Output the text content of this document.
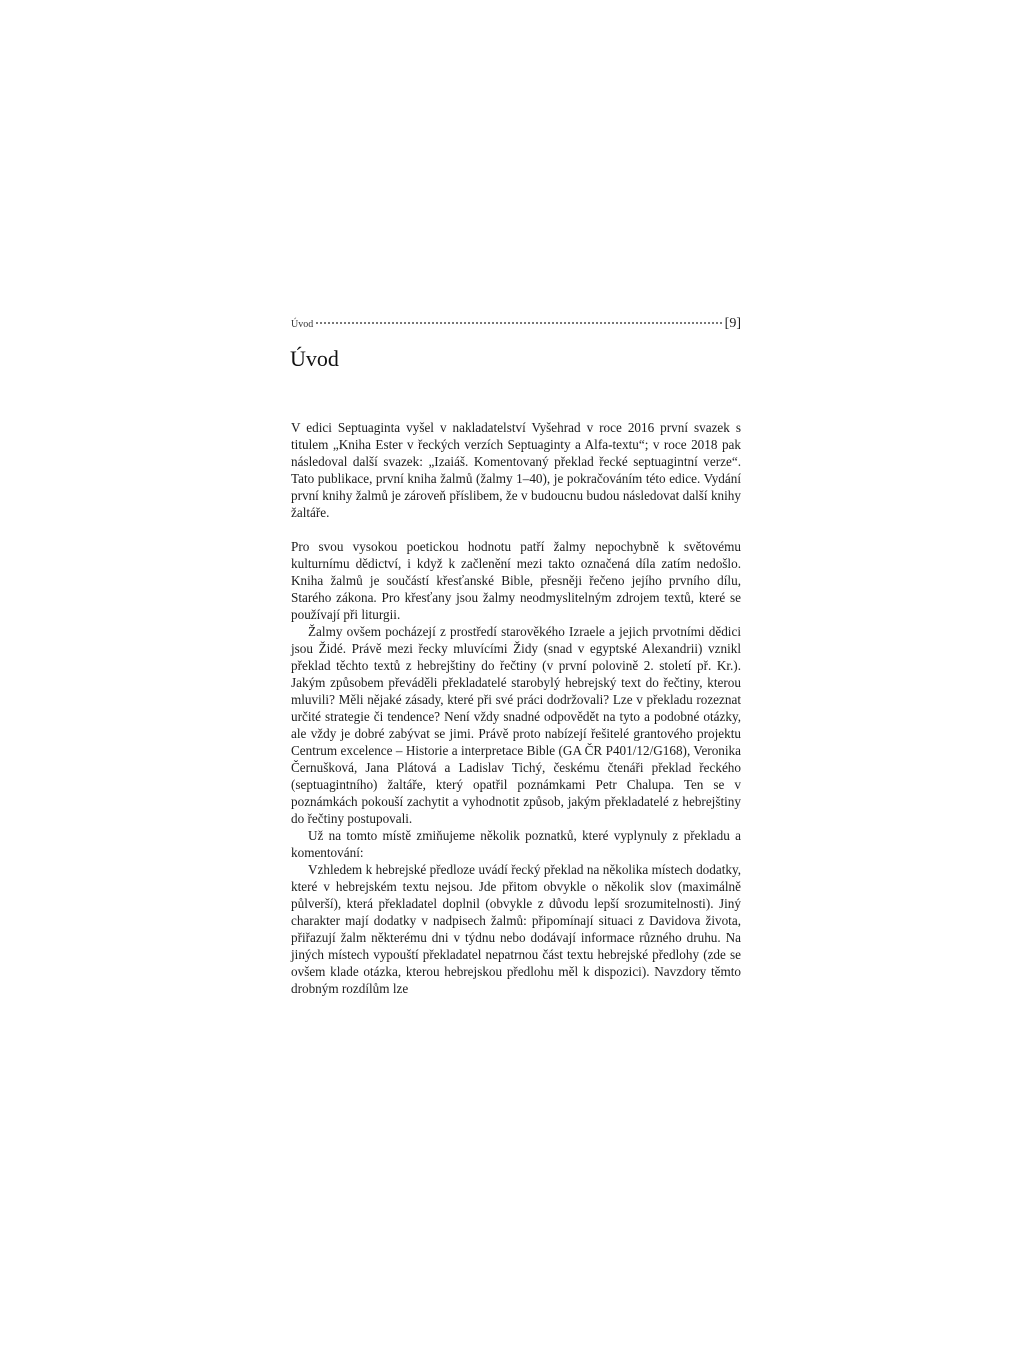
Úvod	[9]
Úvod

V edici Septuaginta vyšel v nakladatelství Vyšehrad v roce 2016 první svazek s titulem „Kniha Ester v řeckých verzích Septuaginty a Alfa-textu“; v roce 2018 pak následoval další svazek: „Izaiáš. Komentovaný překlad řecké septuagintní verze“. Tato publikace, první kniha žalmů (žalmy 1–40), je pokračováním této edice. Vydání první knihy žalmů je zároveň příslibem, že v budoucnu budou následovat další knihy žaltáře.

Pro svou vysokou poetickou hodnotu patří žalmy nepochybně k světovému kulturnímu dědictví, i když k začlenění mezi takto označená díla zatím nedošlo. Kniha žalmů je součástí křesťanské Bible, přesněji řečeno jejího prvního dílu, Starého zákona. Pro křesťany jsou žalmy neodmyslitelným zdrojem textů, které se používají při liturgii.

Žalmy ovšem pocházejí z prostředí starověkého Izraele a jejich prvotními dědici jsou Židé. Právě mezi řecky mluvícími Židy (snad v egyptské Alexandrii) vznikl překlad těchto textů z hebrejštiny do řečtiny (v první polovině 2. století př. Kr.). Jakým způsobem převáděli překladatelé starobylý hebrejský text do řečtiny, kterou mluvili? Měli nějaké zásady, které při své práci dodržovali? Lze v překladu rozeznat určité strategie či tendence? Není vždy snadné odpovědět na tyto a podobné otázky, ale vždy je dobré zabývat se jimi. Právě proto nabízejí řešitelé grantového projektu Centrum excelence – Historie a interpretace Bible (GA ČR P401/12/G168), Veronika Černušková, Jana Plátová a Ladislav Tichý, českému čtenáři překlad řeckého (septuagintního) žaltáře, který opatřil poznámkami Petr Chalupa. Ten se v poznámkách pokouší zachytit a vyhodnotit způsob, jakým překladatelé z hebrejštiny do řečtiny postupovali.

Už na tomto místě zmiňujeme několik poznatků, které vyplynuly z překladu a komentování:

Vzhledem k hebrejské předloze uvádí řecký překlad na několika místech dodatky, které v hebrejském textu nejsou. Jde přitom obvykle o několik slov (maximálně půlverší), která překladatel doplnil (obvykle z důvodu lepší srozumitelnosti). Jiný charakter mají dodatky v nadpisech žalmů: připomínají situaci z Davidova života, přiřazují žalm některému dni v týdnu nebo dodávají informace různého druhu. Na jiných místech vypouští překladatel nepatrnou část textu hebrejské předlohy (zde se ovšem klade otázka, kterou hebrejskou předlohu měl k dispozici). Navzdory těmto drobným rozdílům lze
